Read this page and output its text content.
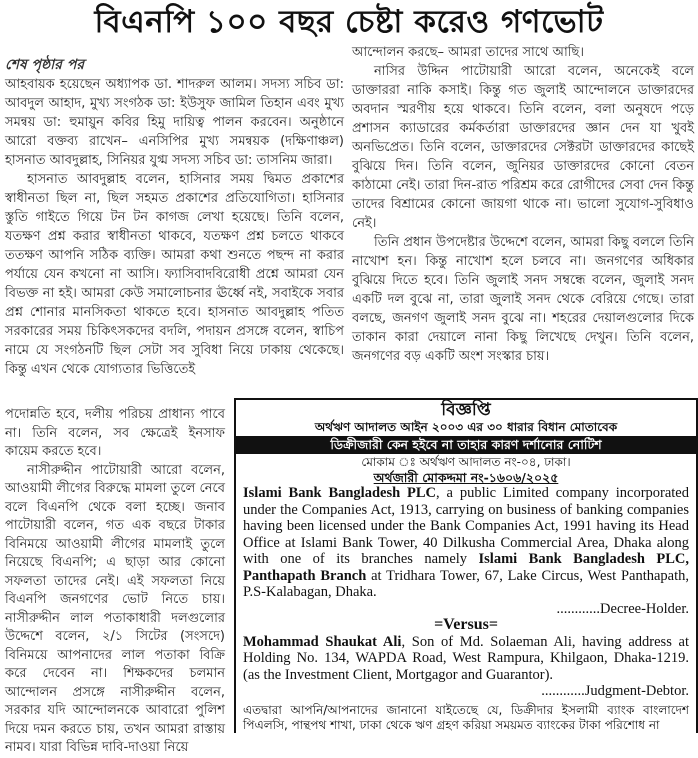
বিএনপি ১০০ বছর চেষ্টা করেও গণভোট
শেষ পৃষ্ঠার পর

আহবায়ক হয়েছেন অধ্যাপক ডা. শাদরুল আলম। সদস্য সচিব ডা: আবদুল আহাদ, মুখ্য সংগঠক ডা: ইউসুফ জামিল তিহান এবং মুখ্য সমন্বয় ডা: হুমায়ুন কবির হিমু দায়িত্ব পালন করবেন। অনুষ্ঠানে আরো বক্তব্য রাখেন– এনসিপির মুখ্য সমন্বয়ক (দক্ষিণাঞ্চল) হাসনাত আবদুল্লাহ, সিনিয়র যুগ্ম সদস্য সচিব ডা: তাসনিম জারা।

হাসনাত আবদুল্লাহ বলেন, হাসিনার সময় দ্বিমত প্রকাশের স্বাধীনতা ছিল না, ছিল সহমত প্রকাশের প্রতিযোগিতা। হাসিনার স্তুতি গাইতে গিয়ে টন টন কাগজ লেখা হয়েছে। তিনি বলেন, যতক্ষণ প্রশ্ন করার স্বাধীনতা থাকবে, যতক্ষণ প্রশ্ন চলতে থাকবে ততক্ষণ আপনি সঠিক ব্যক্তি। আমরা কথা শুনতে পছন্দ না করার পর্যায়ে যেন কখনো না আসি। ফ্যাসিবাদবিরোধী প্রশ্নে আমরা যেন বিভক্ত না হই। আমরা কেউ সমালোচনার ঊর্ধ্বে নই, সবাইকে সবার প্রশ্ন শোনার মানসিকতা থাকতে হবে। হাসনাত আবদুল্লাহ পতিত সরকারের সময় চিকিৎসকদের বদলি, পদায়ন প্রসঙ্গে বলেন, স্বাচিপ নামে যে সংগঠনটি ছিল সেটা সব সুবিধা নিয়ে ঢাকায় থেকেছে। কিন্তু এখন থেকে যোগ্যতার ভিত্তিতেই

পদোন্নতি হবে, দলীয় পরিচয় প্রাধান্য পাবে না। তিনি বলেন, সব ক্ষেত্রেই ইনসাফ কায়েম করতে হবে।

নাসীরুদ্দীন পাটোয়ারী আরো বলেন, আওয়ামী লীগের বিরুদ্ধে মামলা তুলে নেবে বলে বিএনপি থেকে বলা হচ্ছে। জনাব পাটোয়ারী বলেন, গত এক বছরে টাকার বিনিময়ে আওয়ামী লীগের মামলাই তুলে নিয়েছে বিএনপি; এ ছাড়া আর কোনো সফলতা তাদের নেই। এই সফলতা নিয়ে বিএনপি জনগণের ভোট নিতে চায়। নাসীরুদ্দীন লাল পতাকাধারী দলগুলোর উদ্দেশে বলেন, ২/১ সিটের (সংসদে) বিনিময়ে আপনাদের লাল পতাকা বিক্রি করে দেবেন না। শিক্ষকদের চলমান আন্দোলন প্রসঙ্গে নাসীরুদ্দীন বলেন, সরকার যদি আন্দোলনকে আবারো পুলিশ দিয়ে দমন করতে চায়, তখন আমরা রাস্তায় নামব। যারা বিভিন্ন দাবি-দাওয়া নিয়ে

আন্দোলন করছে– আমরা তাদের সাথে আছি।

নাসির উদ্দিন পাটোয়ারী আরো বলেন, অনেকেই বলে ডাক্তাররা নাকি কসাই। কিন্তু গত জুলাই আন্দোলনে ডাক্তারদের অবদান স্মরণীয় হয়ে থাকবে। তিনি বলেন, বলা অনুষদে পড়ে প্রশাসন ক্যাডারের কর্মকর্তারা ডাক্তারদের জ্ঞান দেন যা খুবই অনভিপ্রেত। তিনি বলেন, ডাক্তারদের সেক্টরটা ডাক্তারদের কাছেই বুঝিয়ে দিন। তিনি বলেন, জুনিয়র ডাক্তারদের কোনো বেতন কাঠামো নেই। তারা দিন-রাত পরিশ্রম করে রোগীদের সেবা দেন কিন্তু তাদের বিশ্রামের কোনো জায়গা থাকে না। ভালো সুযোগ-সুবিধাও নেই।

তিনি প্রধান উপদেষ্টার উদ্দেশে বলেন, আমরা কিছু বললে তিনি নাখোশ হন। কিন্তু নাখোশ হলে চলবে না। জনগণের অধিকার বুঝিয়ে দিতে হবে। তিনি জুলাই সনদ সম্বন্ধে বলেন, জুলাই সনদ একটি দল বুঝে না, তারা জুলাই সনদ থেকে বেরিয়ে গেছে। তারা বলছে, জনগণ জুলাই সনদ বুঝে না। শহরের দেয়ালগুলোর দিকে তাকান কারা দেয়ালে নানা কিছু লিখেছে দেখুন। তিনি বলেন, জনগণের বড় একটি অংশ সংস্কার চায়।

বিজ্ঞপ্তি
অর্থঋণ আদালত আইন ২০০৩ এর ৩০ ধারার বিধান মোতাবেক
ডিক্রীজারী কেন হইবে না তাহার কারণ দর্শানোর নোটিশ
মোকাম ঃ অর্থঋণ আদালত নং-০৪, ঢাকা।
অর্থজারী মোকদ্দমা নং-১৬০৬/২০২৫

Islami Bank Bangladesh PLC, a public Limited company incorporated under the Companies Act, 1913, carrying on business of banking companies having been licensed under the Bank Companies Act, 1991 having its Head Office at Islami Bank Tower, 40 Dilkusha Commercial Area, Dhaka along with one of its branches namely Islami Bank Bangladesh PLC, Panthapath Branch at Tridhara Tower, 67, Lake Circus, West Panthapath, P.S-Kalabagan, Dhaka.

............Decree-Holder.

=Versus=

Mohammad Shaukat Ali, Son of Md. Solaeman Ali, having address at Holding No. 134, WAPDA Road, West Rampura, Khilgaon, Dhaka-1219. (as the Investment Client, Mortgagor and Guarantor).

............Judgment-Debtor.

এতদ্বারা আপনি/আপনাদের জানানো যাইতেছে যে, ডিক্রীদার ইসলামী ব্যাংক বাংলাদেশ পিএলসি, পান্থপথ শাখা, ঢাকা থেকে ঋণ গ্রহণ করিয়া সময়মত ব্যাংকের টাকা পরিশোধ না
